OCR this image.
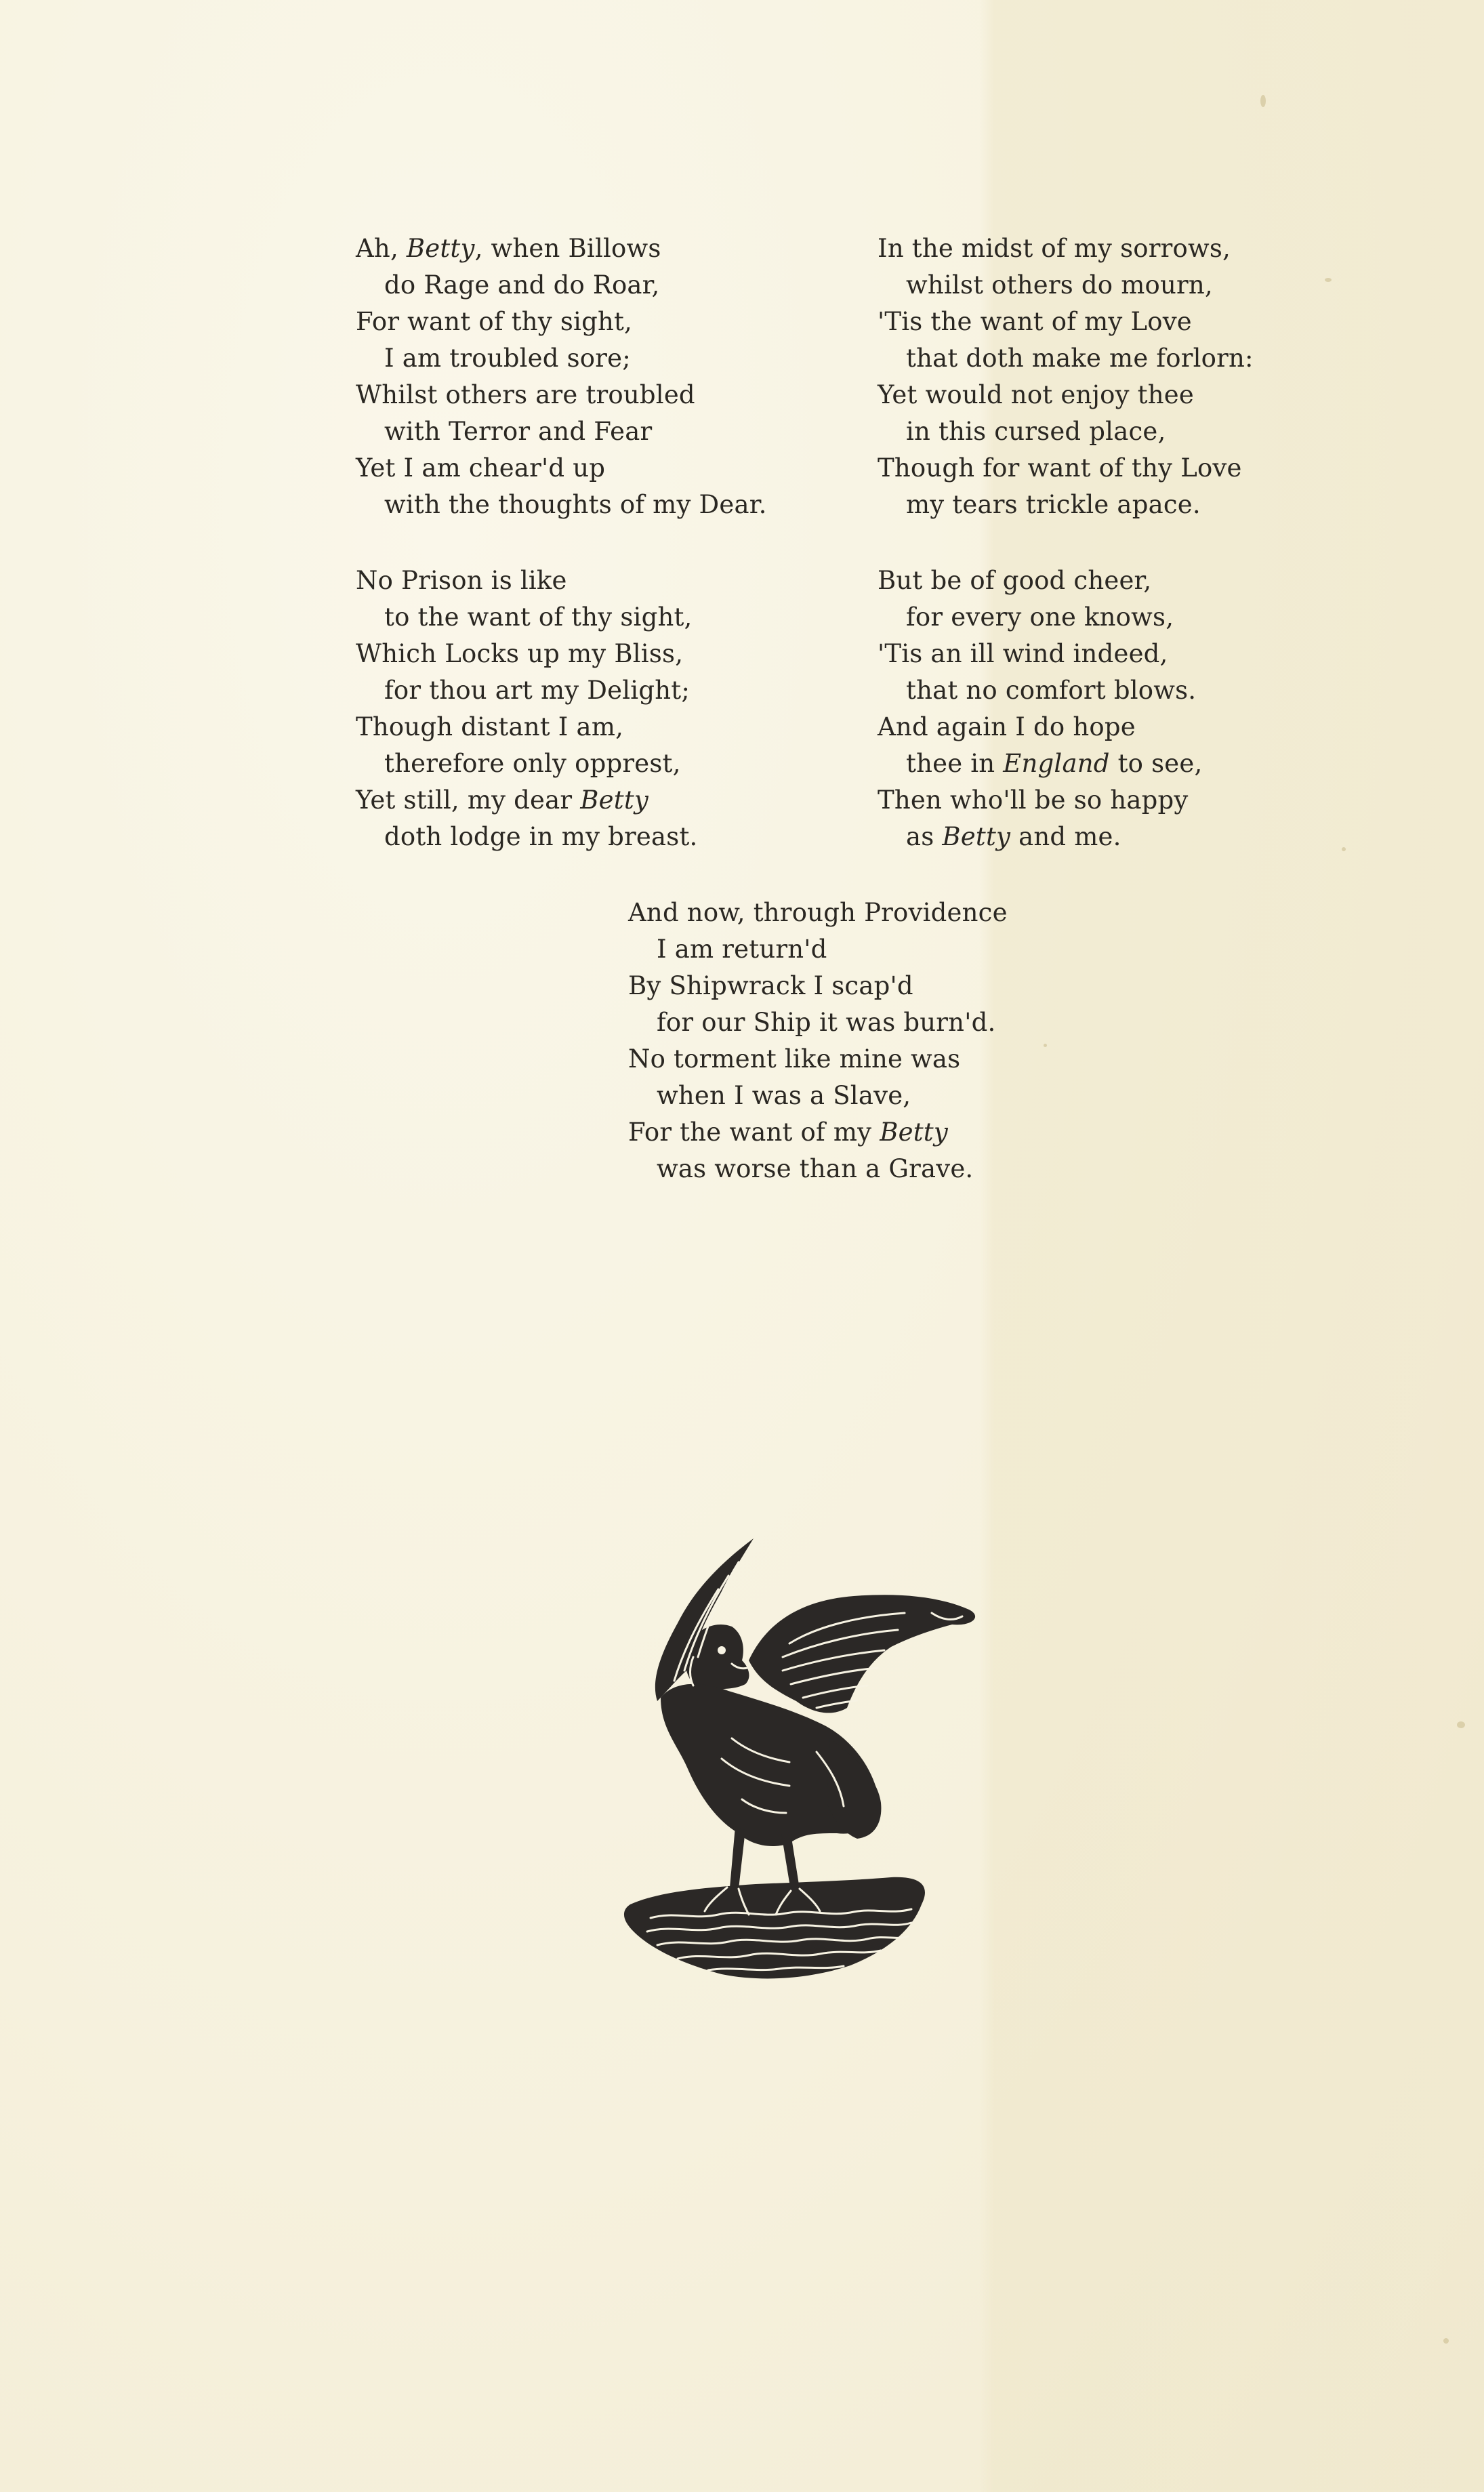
Ah, Betty, when Billows
do Rage and do Roar,
For want of thy sight,
I am troubled sore;
Whilst others are troubled
with Terror and Fear
Yet I am chear'd up
with the thoughts of my Dear.
In the midst of my sorrows,
whilst others do mourn,
'Tis the want of my Love
that doth make me forlorn:
Yet would not enjoy thee
in this cursed place,
Though for want of thy Love
my tears trickle apace.
No Prison is like
to the want of thy sight,
Which Locks up my Bliss,
for thou art my Delight;
Though distant I am,
therefore only opprest,
Yet still, my dear Betty
doth lodge in my breast.
But be of good cheer,
for every one knows,
'Tis an ill wind indeed,
that no comfort blows.
And again I do hope
thee in England to see,
Then who'll be so happy
as Betty and me.
And now, through Providence
I am return'd
By Shipwrack I scap'd
for our Ship it was burn'd.
No torment like mine was
when I was a Slave,
For the want of my Betty
was worse than a Grave.
